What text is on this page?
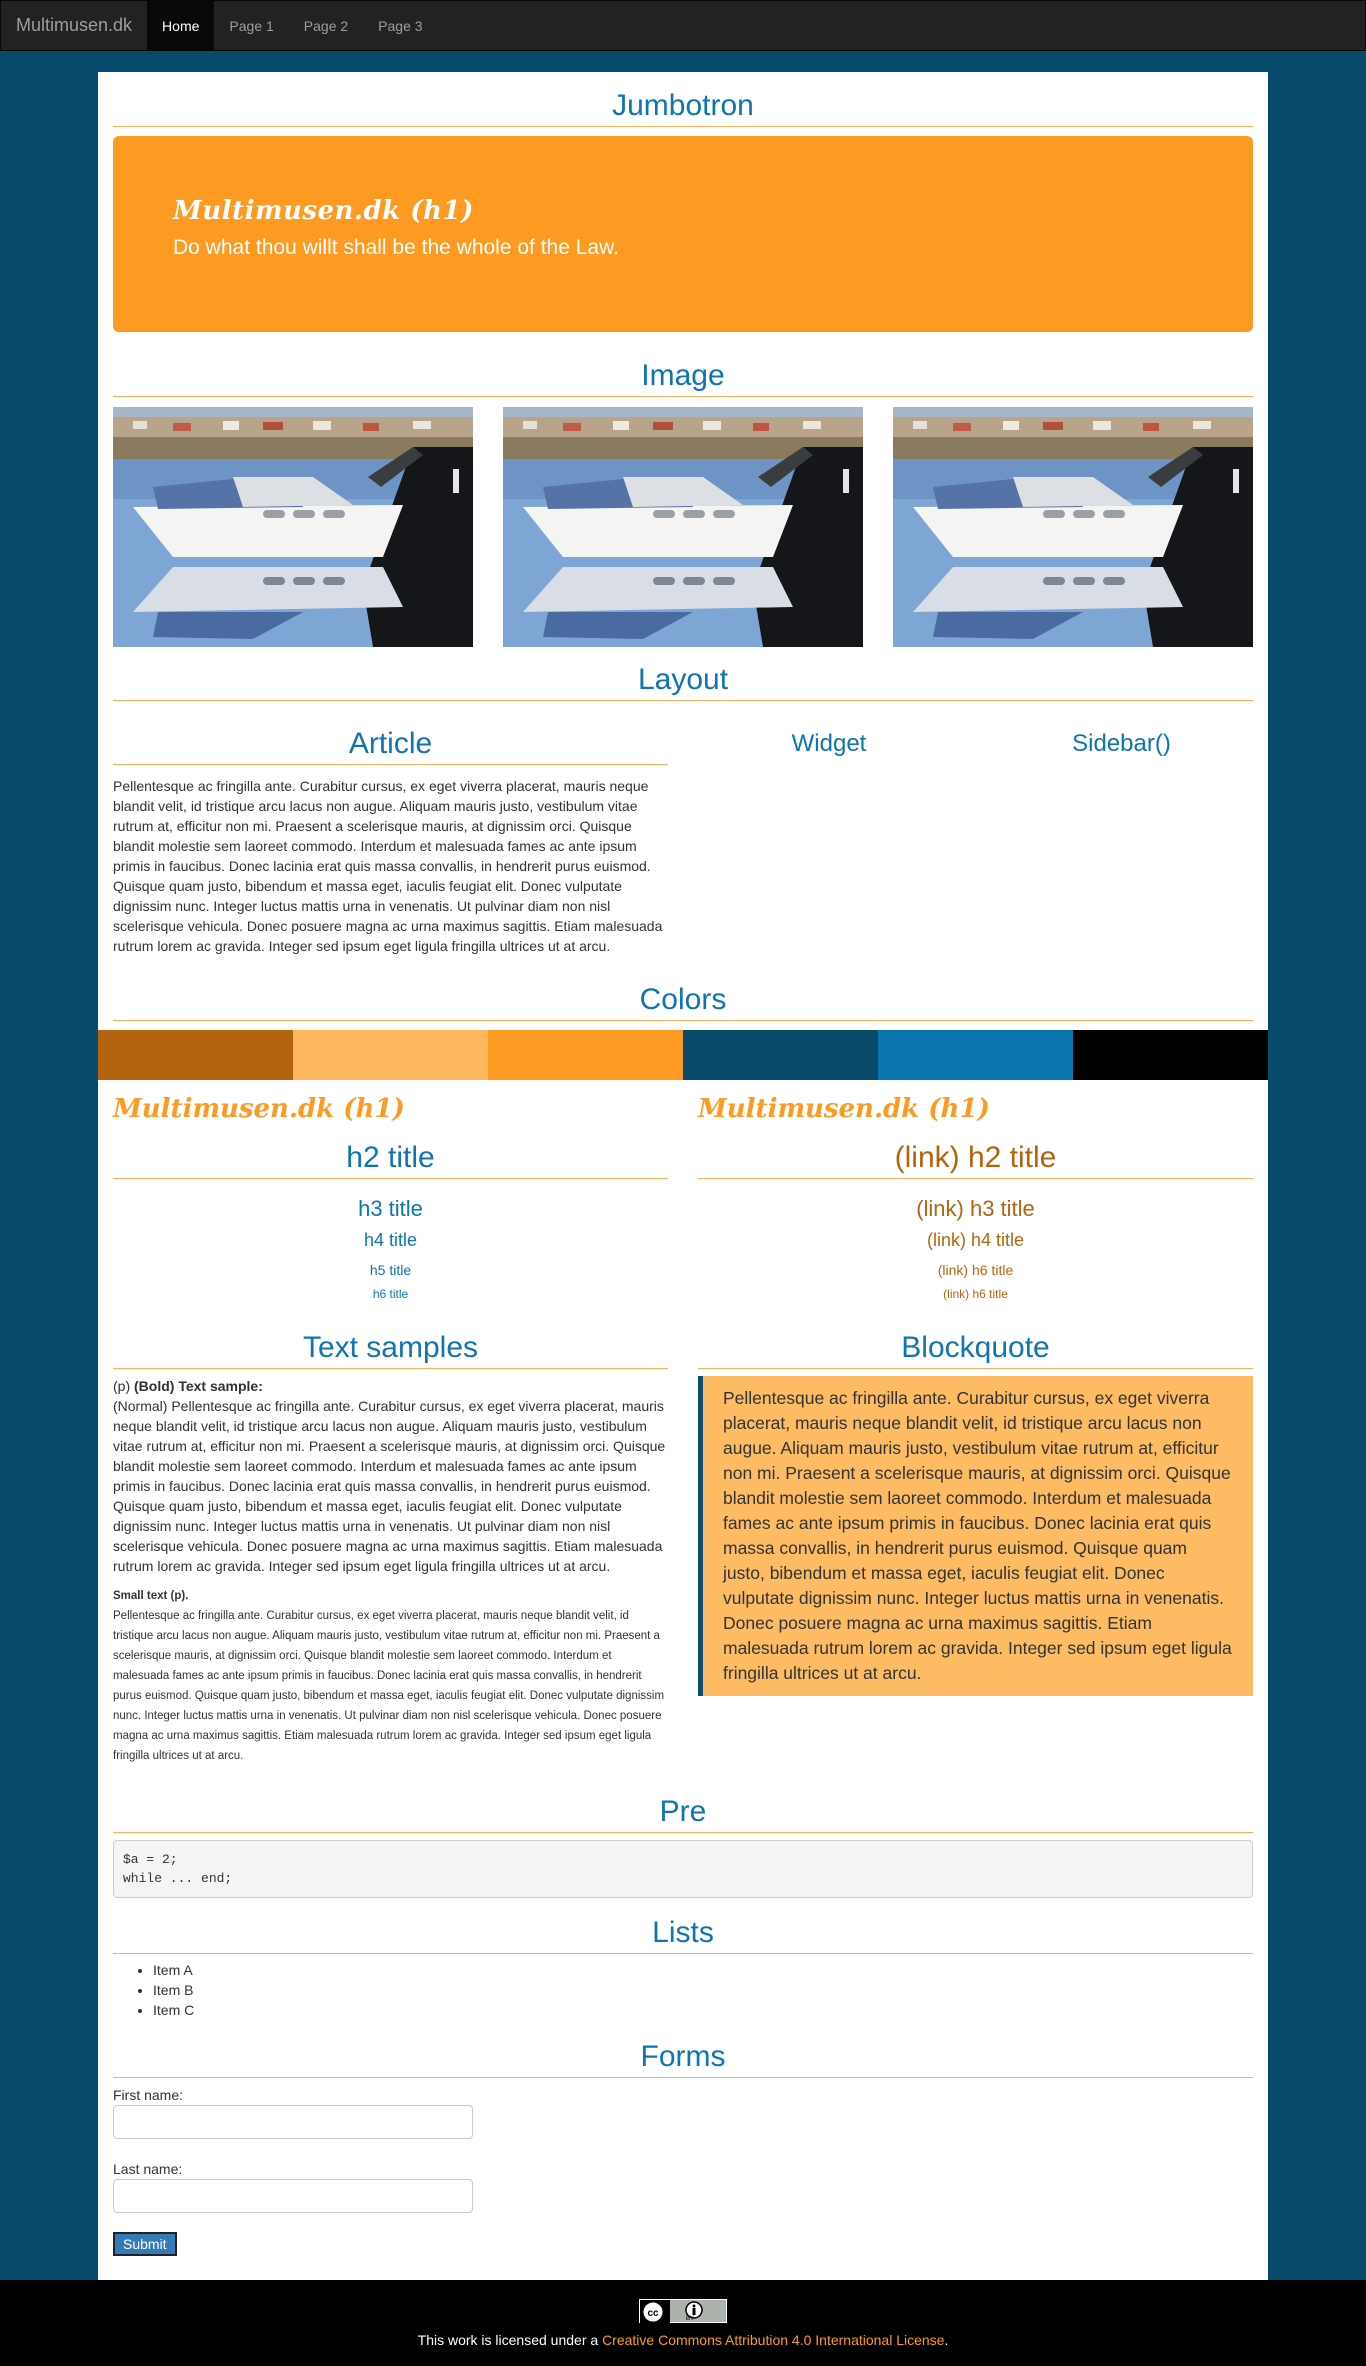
Multimusen.dk	Home	Page 1	Page 2	Page 3
Jumbotron
Multimusen.dk (h1)
Do what thou willt shall be the whole of the Law.
Image
Layout
Article
Pellentesque ac fringilla ante. Curabitur cursus, ex eget viverra placerat, mauris neque blandit velit, id tristique arcu lacus non augue. Aliquam mauris justo, vestibulum vitae rutrum at, efficitur non mi. Praesent a scelerisque mauris, at dignissim orci. Quisque blandit molestie sem laoreet commodo. Interdum et malesuada fames ac ante ipsum primis in faucibus. Donec lacinia erat quis massa convallis, in hendrerit purus euismod. Quisque quam justo, bibendum et massa eget, iaculis feugiat elit. Donec vulputate dignissim nunc. Integer luctus mattis urna in venenatis. Ut pulvinar diam non nisl scelerisque vehicula. Donec posuere magna ac urna maximus sagittis. Etiam malesuada rutrum lorem ac gravida. Integer sed ipsum eget ligula fringilla ultrices ut at arcu.
Widget	Sidebar()
Colors
Multimusen.dk (h1)	Multimusen.dk (h1)
h2 title	(link) h2 title
h3 title	(link) h3 title
h4 title	(link) h4 title
h5 title	(link) h6 title
h6 title	(link) h6 title
Text samples
(p) (Bold) Text sample:
(Normal) Pellentesque ac fringilla ante. Curabitur cursus, ex eget viverra placerat, mauris neque blandit velit, id tristique arcu lacus non augue. Aliquam mauris justo, vestibulum vitae rutrum at, efficitur non mi. Praesent a scelerisque mauris, at dignissim orci. Quisque blandit molestie sem laoreet commodo. Interdum et malesuada fames ac ante ipsum primis in faucibus. Donec lacinia erat quis massa convallis, in hendrerit purus euismod. Quisque quam justo, bibendum et massa eget, iaculis feugiat elit. Donec vulputate dignissim nunc. Integer luctus mattis urna in venenatis. Ut pulvinar diam non nisl scelerisque vehicula. Donec posuere magna ac urna maximus sagittis. Etiam malesuada rutrum lorem ac gravida. Integer sed ipsum eget ligula fringilla ultrices ut at arcu.
Small text (p).
Pellentesque ac fringilla ante. Curabitur cursus, ex eget viverra placerat, mauris neque blandit velit, id tristique arcu lacus non augue. Aliquam mauris justo, vestibulum vitae rutrum at, efficitur non mi. Praesent a scelerisque mauris, at dignissim orci. Quisque blandit molestie sem laoreet commodo. Interdum et malesuada fames ac ante ipsum primis in faucibus. Donec lacinia erat quis massa convallis, in hendrerit purus euismod. Quisque quam justo, bibendum et massa eget, iaculis feugiat elit. Donec vulputate dignissim nunc. Integer luctus mattis urna in venenatis. Ut pulvinar diam non nisl scelerisque vehicula. Donec posuere magna ac urna maximus sagittis. Etiam malesuada rutrum lorem ac gravida. Integer sed ipsum eget ligula fringilla ultrices ut at arcu.
Blockquote
Pellentesque ac fringilla ante. Curabitur cursus, ex eget viverra placerat, mauris neque blandit velit, id tristique arcu lacus non augue. Aliquam mauris justo, vestibulum vitae rutrum at, efficitur non mi. Praesent a scelerisque mauris, at dignissim orci. Quisque blandit molestie sem laoreet commodo. Interdum et malesuada fames ac ante ipsum primis in faucibus. Donec lacinia erat quis massa convallis, in hendrerit purus euismod. Quisque quam justo, bibendum et massa eget, iaculis feugiat elit. Donec vulputate dignissim nunc. Integer luctus mattis urna in venenatis. Donec posuere magna ac urna maximus sagittis. Etiam malesuada rutrum lorem ac gravida. Integer sed ipsum eget ligula fringilla ultrices ut at arcu.
Pre
$a = 2;
while ... end;
Lists
• Item A
• Item B
• Item C
Forms
First name:
Last name:
Submit
cc	BY
This work is licensed under a Creative Commons Attribution 4.0 International License.
